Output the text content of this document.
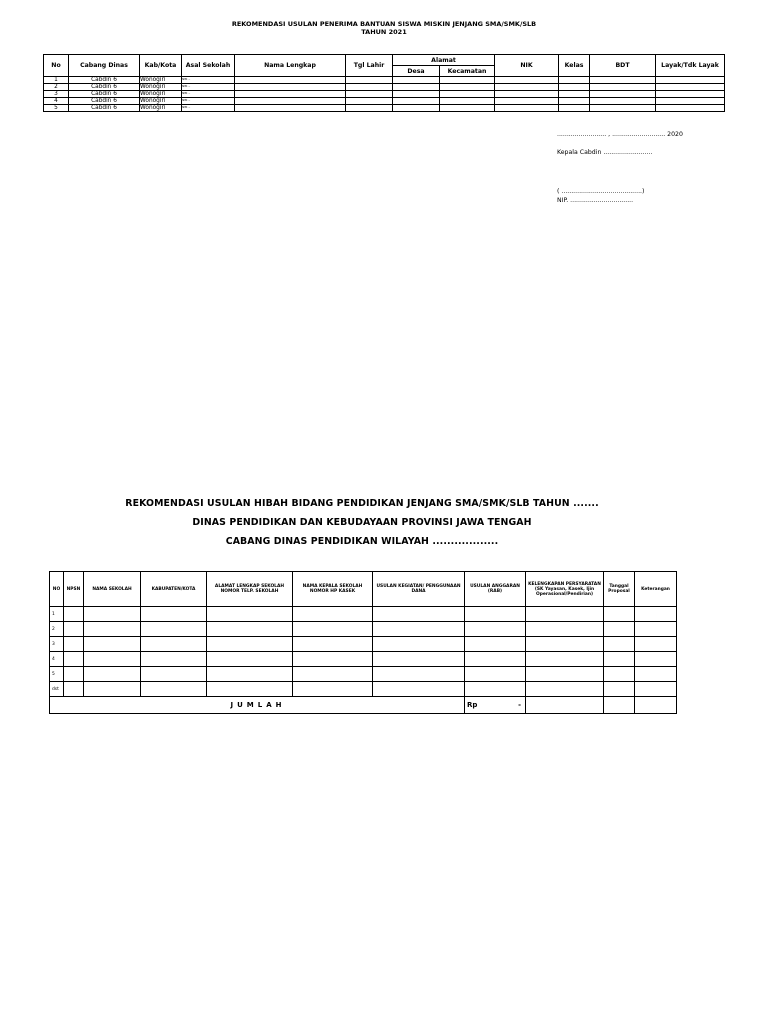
REKOMENDASI USULAN PENERIMA BANTUAN SISWA MISKIN JENJANG SMA/SMK/SLB
TAHUN 2021
No	Cabang Dinas	Kab/Kota	Asal Sekolah	Nama Lengkap	Tgl Lahir	Alamat		NIK	Kelas	BDT	Layak/Tdk Layak
						Desa	Kecamatan				
1	Cabdin 6	Wonogiri	SMK ...								
2	Cabdin 6	Wonogiri	SMK ...								
3	Cabdin 6	Wonogiri	SMK ...								
4	Cabdin 6	Wonogiri	SMK ...								
5	Cabdin 6	Wonogiri	SMK ...								
......................... , ........................... 2020
Kepala Cabdin .........................
( .........................................)
NIP. ................................
REKOMENDASI USULAN HIBAH BIDANG PENDIDIKAN JENJANG SMA/SMK/SLB TAHUN .......
DINAS PENDIDIKAN DAN KEBUDAYAAN PROVINSI JAWA TENGAH
CABANG DINAS PENDIDIKAN WILAYAH ..................
NO	NPSN	NAMA SEKOLAH	KABUPATEN/KOTA	ALAMAT LENGKAP SEKOLAH NOMOR TELP. SEKOLAH	NAMA KEPALA SEKOLAH NOMOR HP KASEK	USULAN KEGIATAN/ PENGGUNAAN DANA	USULAN ANGGARAN (RAB)	KELENGKAPAN PERSYARATAN (SK Yayasan, Kasek, Ijin Operasional/Pendirian)	Tanggal Proposal	Keterangan
1										
2										
3										
4										
5										
dst										
JUMLAH							Rp -			
